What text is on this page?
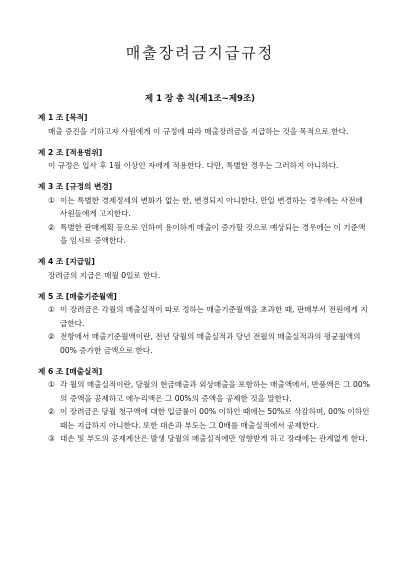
매출장려금지급규정
제 1 장 총 칙(제1조~제9조)

제 1 조 [목적]

매출 증진을 기하고자 사원에게 이 규정에 따라 매출장려금을 지급하는 것을 목적으로 한다.

제 2 조 [적용범위]

이 규정은 입사 후 1월 이상인 자에게 적용한다. 다만, 특별한 경우는 그러하지 아니하다.

제 3 조 [규정의 변경]

① 이는 특별한 경제정세의 변화가 없는 한, 변경되지 아니한다. 만일 변경하는 경우에는 사전에 사원들에게 고지한다.
② 특별한 판매계획 등으로 인하여 용이하게 매출이 증가할 것으로 예상되는 경우에는 이 기준액을 임시로 증액한다.

제 4 조 [지급일]

장려금의 지급은 매월 0일로 한다.

제 5 조 [매출기준월액]

① 이 장려금은 각월의 매출실적이 따로 정하는 매출기준월액을 초과한 때, 판매부서 전원에게 지급한다.
② 전항에서 매출기준월액이란, 전년 당월의 매출실적과 당년 전월의 매출실적과의 평균월액의 00% 증가한 금액으로 한다.

제 6 조 [매출실적]

① 각 월의 매출실적이란, 당월의 현금매출과 외상매출을 포함하는 매출액에서, 반품액은 그 00%의 증액을 공제하고 에누리액은 그 00%의 증액을 공제한 것을 말한다.
② 이 장려금은 당월 청구액에 대한 입금률이 00% 이하인 때에는 50%로 삭감하며, 00% 이하인 때는 지급하지 아니한다. 또한 대손과 부도는 그 0배를 매출실적에서 공제한다.
③ 대손 및 부도의 공제계산은 발생 당월의 매출실적에만 영향받게 하고 장래에는 관계없게 한다.
